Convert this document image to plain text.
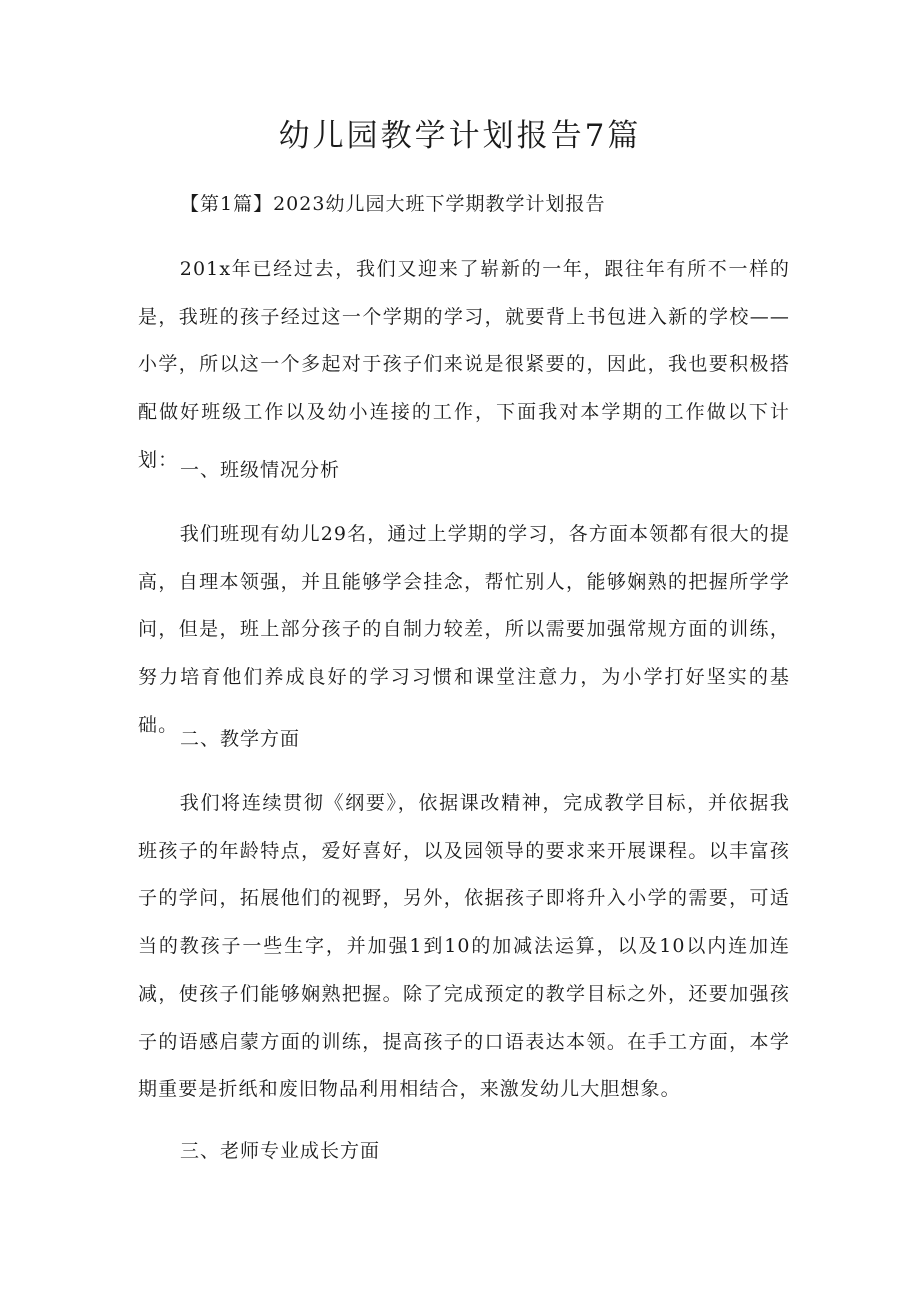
幼儿园教学计划报告7篇

【第1篇】2023幼儿园大班下学期教学计划报告

201x年已经过去，我们又迎来了崭新的一年，跟往年有所不一样的是，我班的孩子经过这一个学期的学习，就要背上书包进入新的学校——小学，所以这一个多起对于孩子们来说是很紧要的，因此，我也要积极搭配做好班级工作以及幼小连接的工作，下面我对本学期的工作做以下计划： 一、班级情况分析

我们班现有幼儿29名，通过上学期的学习，各方面本领都有很大的提高，自理本领强，并且能够学会挂念，帮忙别人，能够娴熟的把握所学学问，但是，班上部分孩子的自制力较差，所以需要加强常规方面的训练，努力培育他们养成良好的学习习惯和课堂注意力，为小学打好坚实的基础。

二、教学方面

我们将连续贯彻《纲要》，依据课改精神，完成教学目标，并依据我班孩子的年龄特点，爱好喜好，以及园领导的要求来开展课程。以丰富孩子的学问，拓展他们的视野，另外，依据孩子即将升入小学的需要，可适当的教孩子一些生字，并加强1到10的加减法运算，以及10以内连加连减，使孩子们能够娴熟把握。除了完成预定的教学目标之外，还要加强孩子的语感启蒙方面的训练，提高孩子的口语表达本领。在手工方面，本学期重要是折纸和废旧物品利用相结合，来激发幼儿大胆想象。

三、老师专业成长方面
